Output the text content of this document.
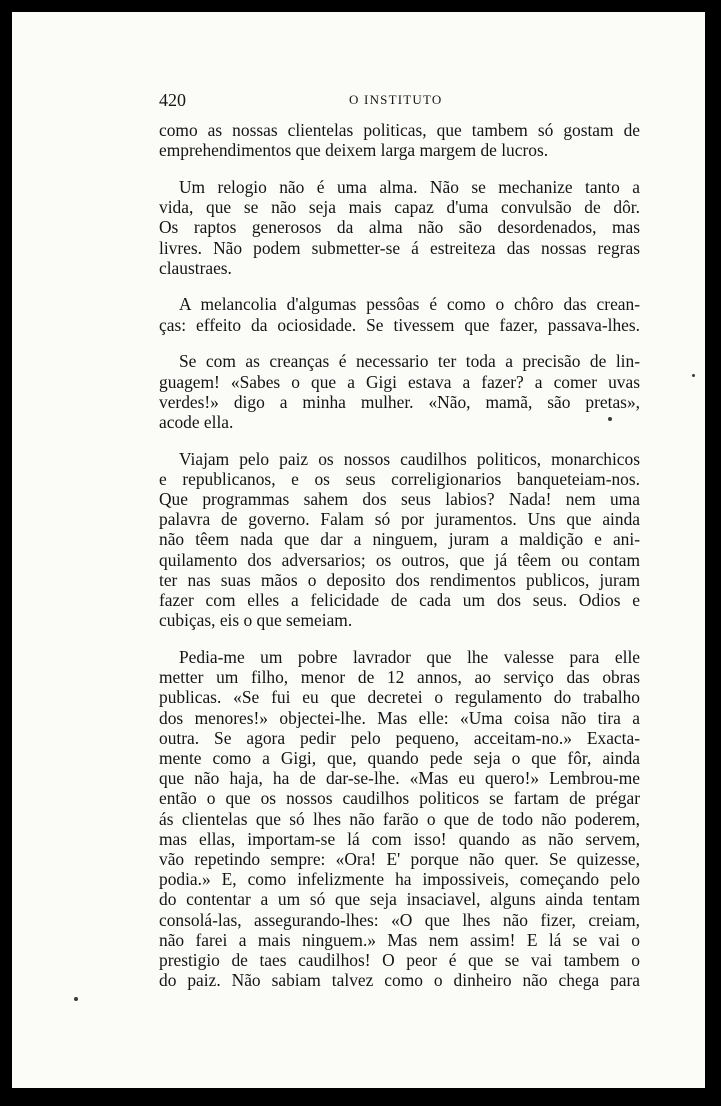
420	O INSTITUTO
como as nossas clientelas politicas, que tambem só gostam de
emprehendimentos que deixem larga margem de lucros.
Um relogio não é uma alma. Não se mechanize tanto a
vida, que se não seja mais capaz d'uma convulsão de dôr.
Os raptos generosos da alma não são desordenados, mas
livres. Não podem submetter-se á estreiteza das nossas regras
claustraes.
A melancolia d'algumas pessôas é como o chôro das crean-
ças: effeito da ociosidade. Se tivessem que fazer, passava-lhes.
Se com as creanças é necessario ter toda a precisão de lin-
guagem! «Sabes o que a Gigi estava a fazer? a comer uvas
verdes!» digo a minha mulher. «Não, mamã, são pretas»,
acode ella.
Viajam pelo paiz os nossos caudilhos politicos, monarchicos
e republicanos, e os seus correligionarios banqueteiam-nos.
Que programmas sahem dos seus labios? Nada! nem uma
palavra de governo. Falam só por juramentos. Uns que ainda
não têem nada que dar a ninguem, juram a maldição e ani-
quilamento dos adversarios; os outros, que já têem ou contam
ter nas suas mãos o deposito dos rendimentos publicos, juram
fazer com elles a felicidade de cada um dos seus. Odios e
cubiças, eis o que semeiam.
Pedia-me um pobre lavrador que lhe valesse para elle
metter um filho, menor de 12 annos, ao serviço das obras
publicas. «Se fui eu que decretei o regulamento do trabalho
dos menores!» objectei-lhe. Mas elle: «Uma coisa não tira a
outra. Se agora pedir pelo pequeno, acceitam-no.» Exacta-
mente como a Gigi, que, quando pede seja o que fôr, ainda
que não haja, ha de dar-se-lhe. «Mas eu quero!» Lembrou-me
então o que os nossos caudilhos politicos se fartam de prégar
ás clientelas que só lhes não farão o que de todo não poderem,
mas ellas, importam-se lá com isso! quando as não servem,
vão repetindo sempre: «Ora! E' porque não quer. Se quizesse,
podia.» E, como infelizmente ha impossiveis, começando pelo
do contentar a um só que seja insaciavel, alguns ainda tentam
consolá-las, assegurando-lhes: «O que lhes não fizer, creiam,
não farei a mais ninguem.» Mas nem assim! E lá se vai o
prestigio de taes caudilhos! O peor é que se vai tambem o
do paiz. Não sabiam talvez como o dinheiro não chega para
